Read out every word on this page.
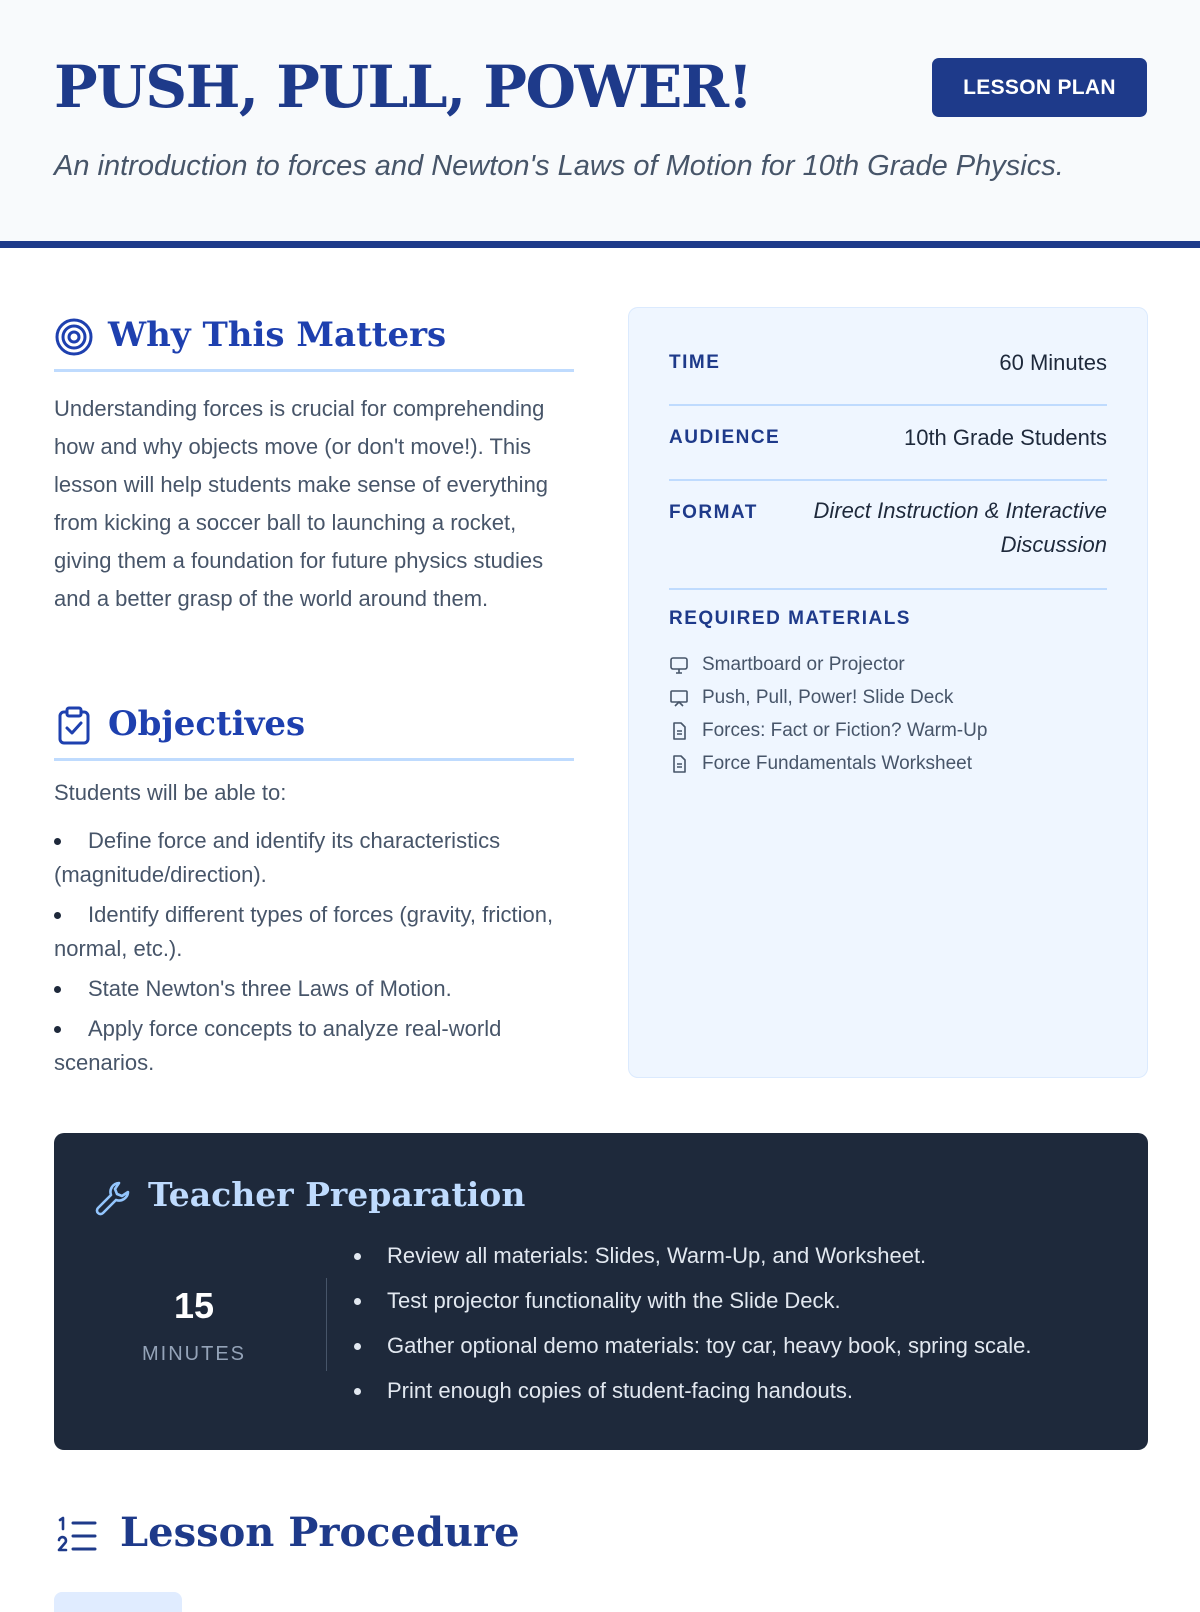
PUSH, PULL, POWER!	LESSON PLAN
An introduction to forces and Newton's Laws of Motion for 10th Grade Physics.
Why This Matters

Understanding forces is crucial for comprehending how and why objects move (or don't move!). This lesson will help students make sense of everything from kicking a soccer ball to launching a rocket, giving them a foundation for future physics studies and a better grasp of the world around them.

Objectives
Students will be able to:
Define force and identify its characteristics (magnitude/direction).
Identify different types of forces (gravity, friction, normal, etc.).
State Newton's three Laws of Motion.
Apply force concepts to analyze real-world scenarios.
TIME	60 Minutes
AUDIENCE	10th Grade Students
FORMAT	Direct Instruction & Interactive Discussion
REQUIRED MATERIALS
Smartboard or Projector
Push, Pull, Power! Slide Deck
Forces: Fact or Fiction? Warm-Up
Force Fundamentals Worksheet
Teacher Preparation
15
MINUTES
Review all materials: Slides, Warm-Up, and Worksheet.
Test projector functionality with the Slide Deck.
Gather optional demo materials: toy car, heavy book, spring scale.
Print enough copies of student-facing handouts.
Lesson Procedure
